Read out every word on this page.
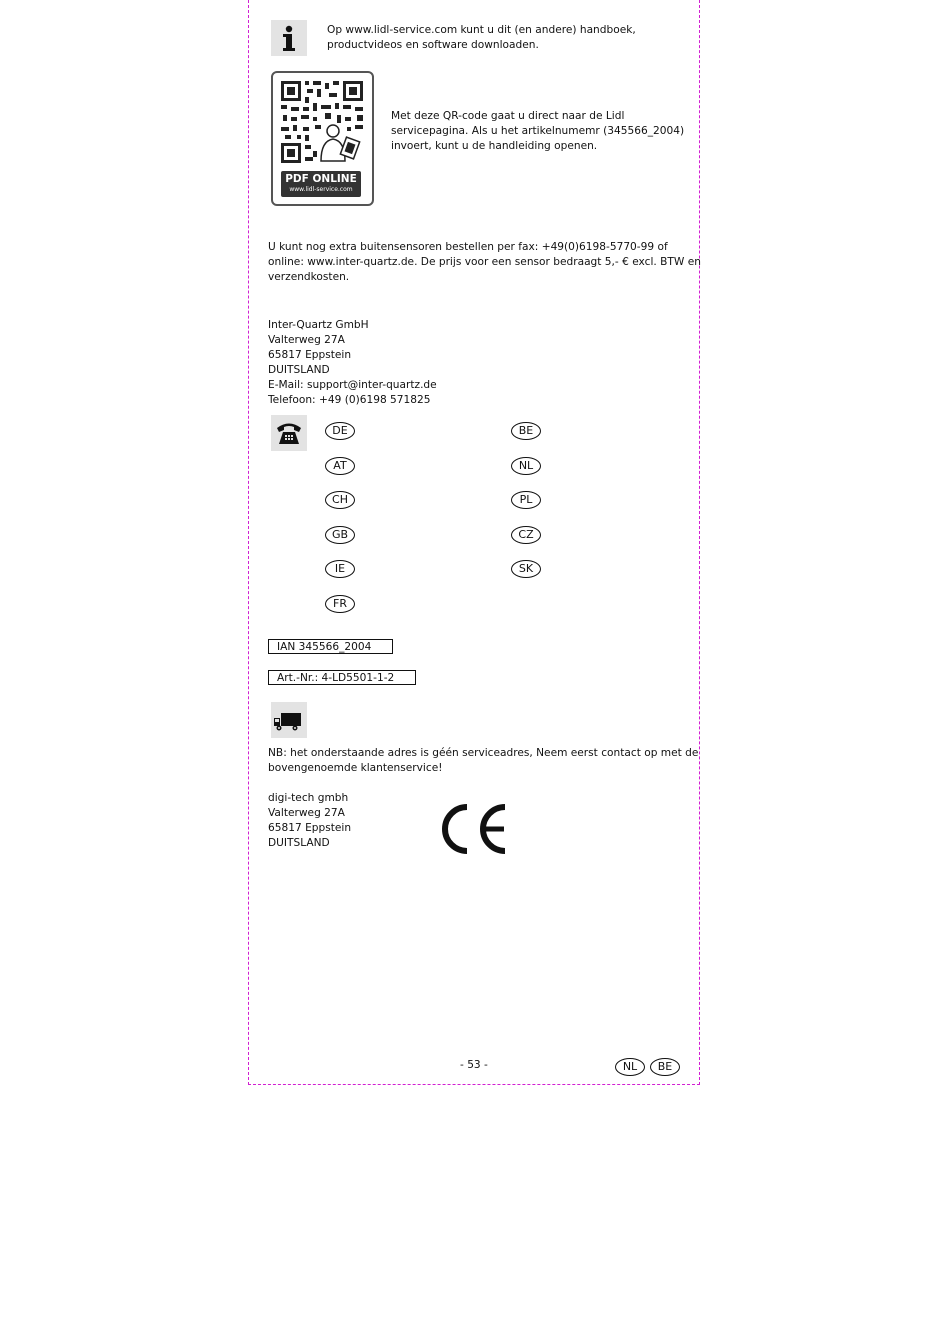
Op www.lidl-service.com kunt u dit (en andere) handboek,
productvideos en software downloaden.
PDF ONLINE
www.lidl-service.com
Met deze QR-code gaat u direct naar de Lidl
servicepagina. Als u het artikelnumemr (345566_2004)
invoert, kunt u de handleiding openen.
U kunt nog extra buitensensoren bestellen per fax: +49(0)6198-5770-99 of
online: www.inter-quartz.de. De prijs voor een sensor bedraagt 5,- € excl. BTW en
verzendkosten.
Inter-Quartz GmbH
Valterweg 27A
65817 Eppstein
DUITSLAND
E-Mail: support@inter-quartz.de
Telefoon: +49 (0)6198 571825
DE
AT
CH
GB
IE
FR
BE
NL
PL
CZ
SK
IAN 345566_2004
Art.-Nr.: 4-LD5501-1-2
NB: het onderstaande adres is géén serviceadres, Neem eerst contact op met de
bovengenoemde klantenservice!
digi-tech gmbh
Valterweg 27A
65817 Eppstein
DUITSLAND
- 53 -	NL	BE
